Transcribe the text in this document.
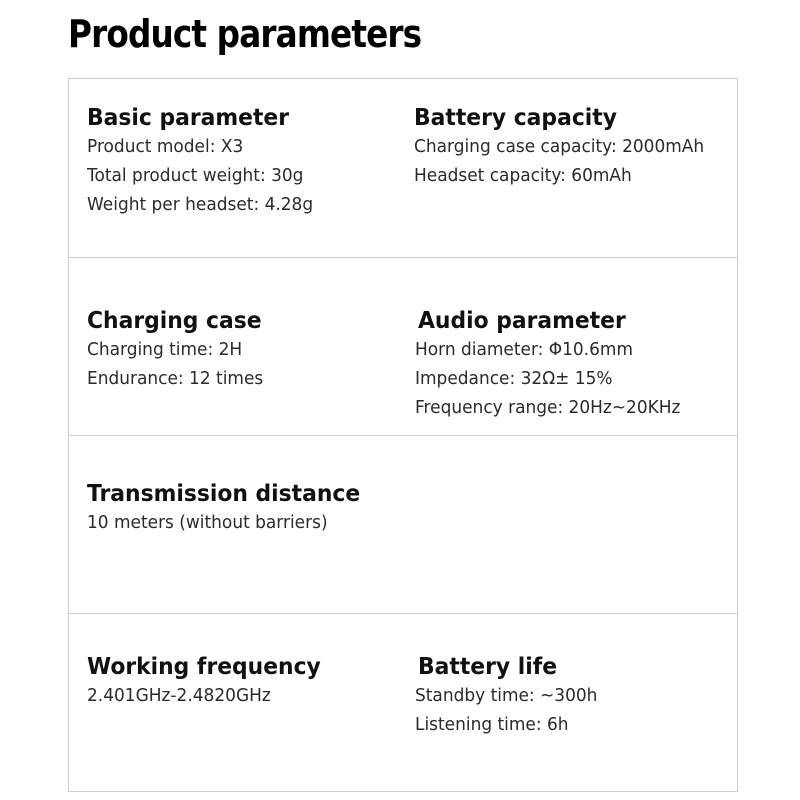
Product parameters
Basic parameter
Product model: X3
Total product weight: 30g
Weight per headset: 4.28g
Battery capacity
Charging case capacity: 2000mAh
Headset capacity: 60mAh
Charging case
Charging time: 2H
Endurance: 12 times
Audio parameter
Horn diameter: Φ10.6mm
Impedance: 32Ω± 15%
Frequency range: 20Hz~20KHz
Transmission distance
10 meters (without barriers)
Working frequency
2.401GHz-2.4820GHz
Battery life
Standby time: ~300h
Listening time: 6h
